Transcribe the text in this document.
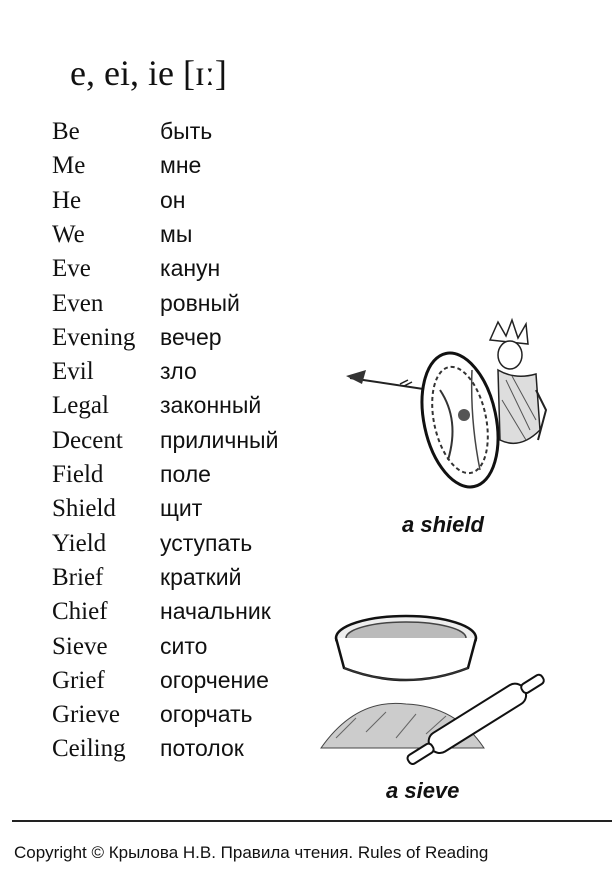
e, ei, ie [ɪː]
Be	быть
Me	мне
He	он
We	мы
Eve	канун
Even ровный
Evening вечер
Evil	зло
Legal законный
Decent приличный
Field поле
Shield щит
Yield уступать
Brief краткий
Chief начальник
Sieve сито
Grief огорчение
Grieve огорчать
Ceiling потолок
a shield
a sieve
Copyright © Крылова Н.В. Правила чтения. Rules of Reading
